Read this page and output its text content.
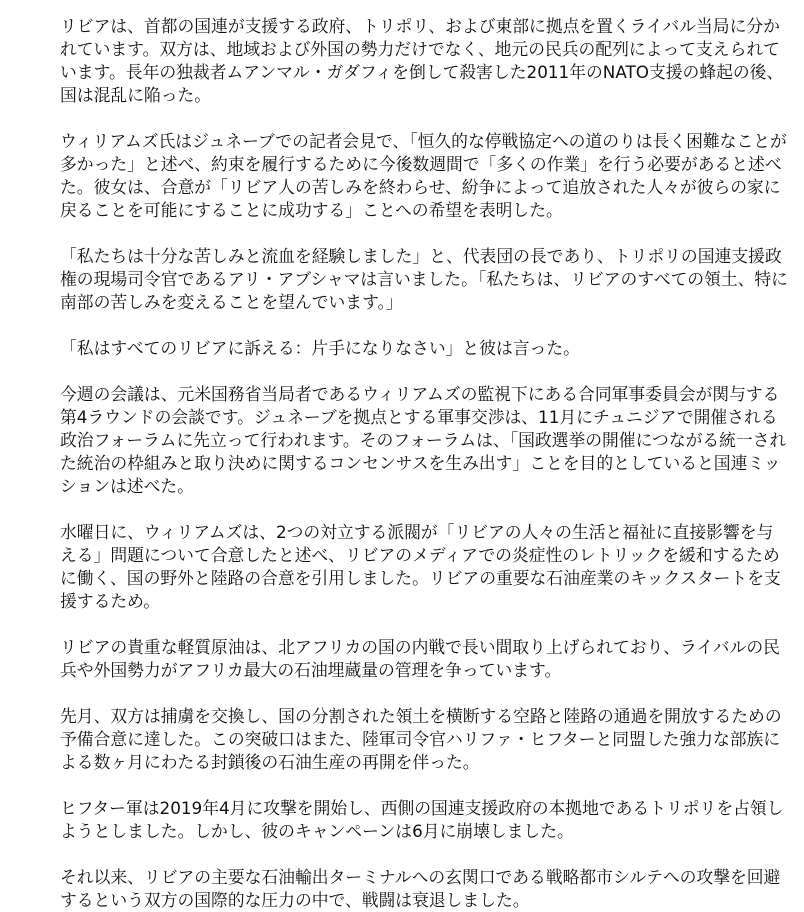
リビアは、首都の国連が支援する政府、トリポリ、および東部に拠点を置くライバル当局に分かれています。双方は、地域および外国の勢力だけでなく、地元の民兵の配列によって支えられています。長年の独裁者ムアンマル・ガダフィを倒して殺害した2011年のNATO支援の蜂起の後、国は混乱に陥った。

ウィリアムズ氏はジュネーブでの記者会見で、「恒久的な停戦協定への道のりは長く困難なことが多かった」と述べ、約束を履行するために今後数週間で「多くの作業」を行う必要があると述べた。彼女は、合意が「リビア人の苦しみを終わらせ、紛争によって追放された人々が彼らの家に戻ることを可能にすることに成功する」ことへの希望を表明した。

「私たちは十分な苦しみと流血を経験しました」と、代表団の長であり、トリポリの国連支援政権の現場司令官であるアリ・アブシャマは言いました。「私たちは、リビアのすべての領土、特に南部の苦しみを変えることを望んでいます。」

「私はすべてのリビアに訴える：片手になりなさい」と彼は言った。

今週の会議は、元米国務省当局者であるウィリアムズの監視下にある合同軍事委員会が関与する第4ラウンドの会談です。ジュネーブを拠点とする軍事交渉は、11月にチュニジアで開催される政治フォーラムに先立って行われます。そのフォーラムは、「国政選挙の開催につながる統一された統治の枠組みと取り決めに関するコンセンサスを生み出す」ことを目的としていると国連ミッションは述べた。

水曜日に、ウィリアムズは、2つの対立する派閥が「リビアの人々の生活と福祉に直接影響を与える」問題について合意したと述べ、リビアのメディアでの炎症性のレトリックを緩和するために働く、国の野外と陸路の合意を引用しました。リビアの重要な石油産業のキックスタートを支援するため。

リビアの貴重な軽質原油は、北アフリカの国の内戦で長い間取り上げられており、ライバルの民兵や外国勢力がアフリカ最大の石油埋蔵量の管理を争っています。

先月、双方は捕虜を交換し、国の分割された領土を横断する空路と陸路の通過を開放するための予備合意に達した。この突破口はまた、陸軍司令官ハリファ・ヒフターと同盟した強力な部族による数ヶ月にわたる封鎖後の石油生産の再開を伴った。

ヒフター軍は2019年4月に攻撃を開始し、西側の国連支援政府の本拠地であるトリポリを占領しようとしました。しかし、彼のキャンペーンは6月に崩壊しました。

それ以来、リビアの主要な石油輸出ターミナルへの玄関口である戦略都市シルテへの攻撃を回避するという双方の国際的な圧力の中で、戦闘は衰退しました。
